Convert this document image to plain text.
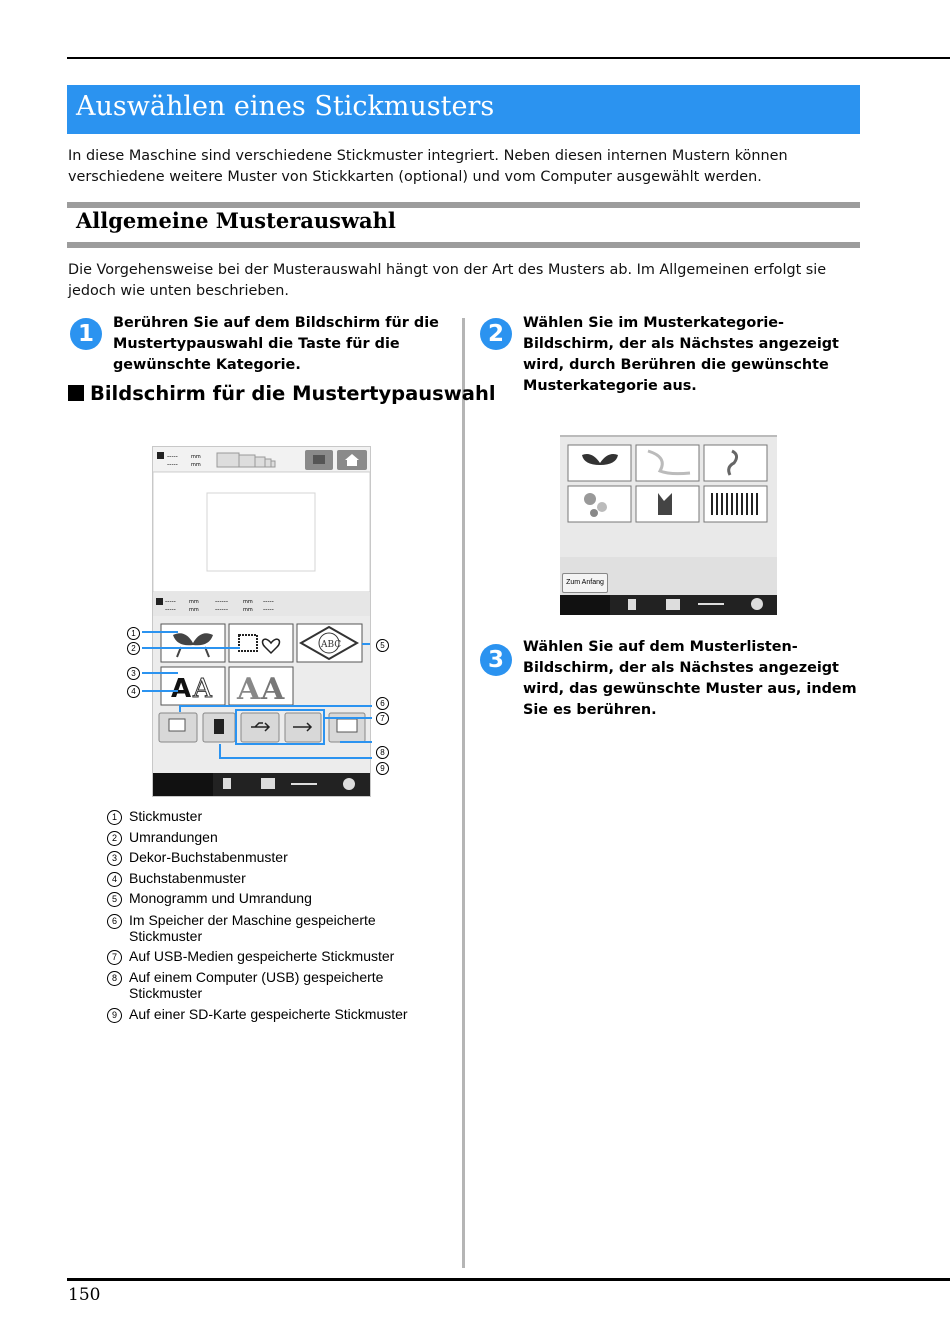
Auswählen eines Stickmusters
In diese Maschine sind verschiedene Stickmuster integriert. Neben diesen internen Mustern können verschiedene weitere Muster von Stickkarten (optional) und vom Computer ausgewählt werden.
Allgemeine Musterauswahl
Die Vorgehensweise bei der Musterauswahl hängt von der Art des Musters ab. Im Allgemeinen erfolgt sie jedoch wie unten beschrieben.
1	Berühren Sie auf dem Bildschirm für die Mustertypauswahl die Taste für die gewünschte Kategorie.
Bildschirm für die Mustertypauswahl
2	Wählen Sie im Musterkategorie-Bildschirm, der als Nächstes angezeigt wird, durch Berühren die gewünschte Musterkategorie aus.
3	Wählen Sie auf dem Musterlisten-Bildschirm, der als Nächstes angezeigt wird, das gewünschte Muster aus, indem Sie es berühren.
-----
-----
mm
mm
-----	mm
-----	mm
------	mm
------	mm
-----
-----
ABC
A A A A
1
2
3
4
5
6
7
8
9
Zum Anfang
1 Stickmuster
2 Umrandungen
3 Dekor-Buchstabenmuster
4 Buchstabenmuster
5 Monogramm und Umrandung
6 Im Speicher der Maschine gespeicherte Stickmuster
7 Auf USB-Medien gespeicherte Stickmuster
8 Auf einem Computer (USB) gespeicherte Stickmuster
9 Auf einer SD-Karte gespeicherte Stickmuster
150
